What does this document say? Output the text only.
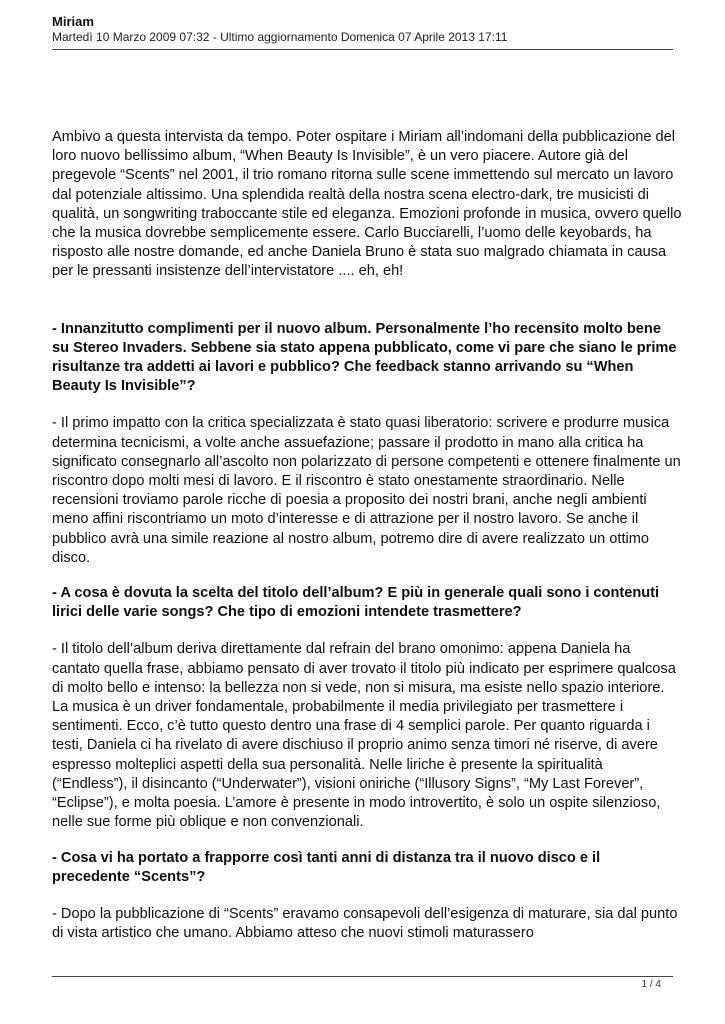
Miriam

Martedì 10 Marzo 2009 07:32 - Ultimo aggiornamento Domenica 07 Aprile 2013 17:11

Ambivo a questa intervista da tempo. Poter ospitare i Miriam all’indomani della pubblicazione del loro nuovo bellissimo album, “When Beauty Is Invisible”, è un vero piacere. Autore già del pregevole “Scents” nel 2001, il trio romano ritorna sulle scene immettendo sul mercato un lavoro dal potenziale altissimo. Una splendida realtà della nostra scena electro-dark, tre musicisti di qualità, un songwriting traboccante stile ed eleganza. Emozioni profonde in musica, ovvero quello che la musica dovrebbe semplicemente essere. Carlo Bucciarelli, l’uomo delle keyobards, ha risposto alle nostre domande, ed anche Daniela Bruno è stata suo malgrado chiamata in causa per le pressanti insistenze dell’intervistatore .... eh, eh!

- Innanzitutto complimenti per il nuovo album. Personalmente l’ho recensito molto bene su Stereo Invaders. Sebbene sia stato appena pubblicato, come vi pare che siano le prime risultanze tra addetti ai lavori e pubblico? Che feedback stanno arrivando su “When Beauty Is Invisible”?

- Il primo impatto con la critica specializzata è stato quasi liberatorio: scrivere e produrre musica determina tecnicismi, a volte anche assuefazione; passare il prodotto in mano alla critica ha significato consegnarlo all’ascolto non polarizzato di persone competenti e ottenere finalmente un riscontro dopo molti mesi di lavoro. E il riscontro è stato onestamente straordinario. Nelle recensioni troviamo parole ricche di poesia a proposito dei nostri brani, anche negli ambienti meno affini riscontriamo un moto d’interesse e di attrazione per il nostro lavoro. Se anche il pubblico avrà una simile reazione al nostro album, potremo dire di avere realizzato un ottimo disco.

- A cosa è dovuta la scelta del titolo dell’album? E più in generale quali sono i contenuti lirici delle varie songs? Che tipo di emozioni intendete trasmettere?

- Il titolo dell’album deriva direttamente dal refrain del brano omonimo: appena Daniela ha cantato quella frase, abbiamo pensato di aver trovato il titolo più indicato per esprimere qualcosa di molto bello e intenso: la bellezza non si vede, non si misura, ma esiste nello spazio interiore. La musica è un driver fondamentale, probabilmente il media privilegiato per trasmettere i sentimenti. Ecco, c’è tutto questo dentro una frase di 4 semplici parole. Per quanto riguarda i testi, Daniela ci ha rivelato di avere dischiuso il proprio animo senza timori né riserve, di avere espresso molteplici aspetti della sua personalità. Nelle liriche è presente la spiritualità (“Endless”), il disincanto (“Underwater”), visioni oniriche (“Illusory Signs”, “My Last Forever”, “Eclipse”), e molta poesia. L’amore è presente in modo introvertito, è solo un ospite silenzioso, nelle sue forme più oblique e non convenzionali.

- Cosa vi ha portato a frapporre così tanti anni di distanza tra il nuovo disco e il precedente “Scents”?

- Dopo la pubblicazione di “Scents” eravamo consapevoli dell’esigenza di maturare, sia dal punto di vista artistico che umano. Abbiamo atteso che nuovi stimoli maturassero

1 / 4
